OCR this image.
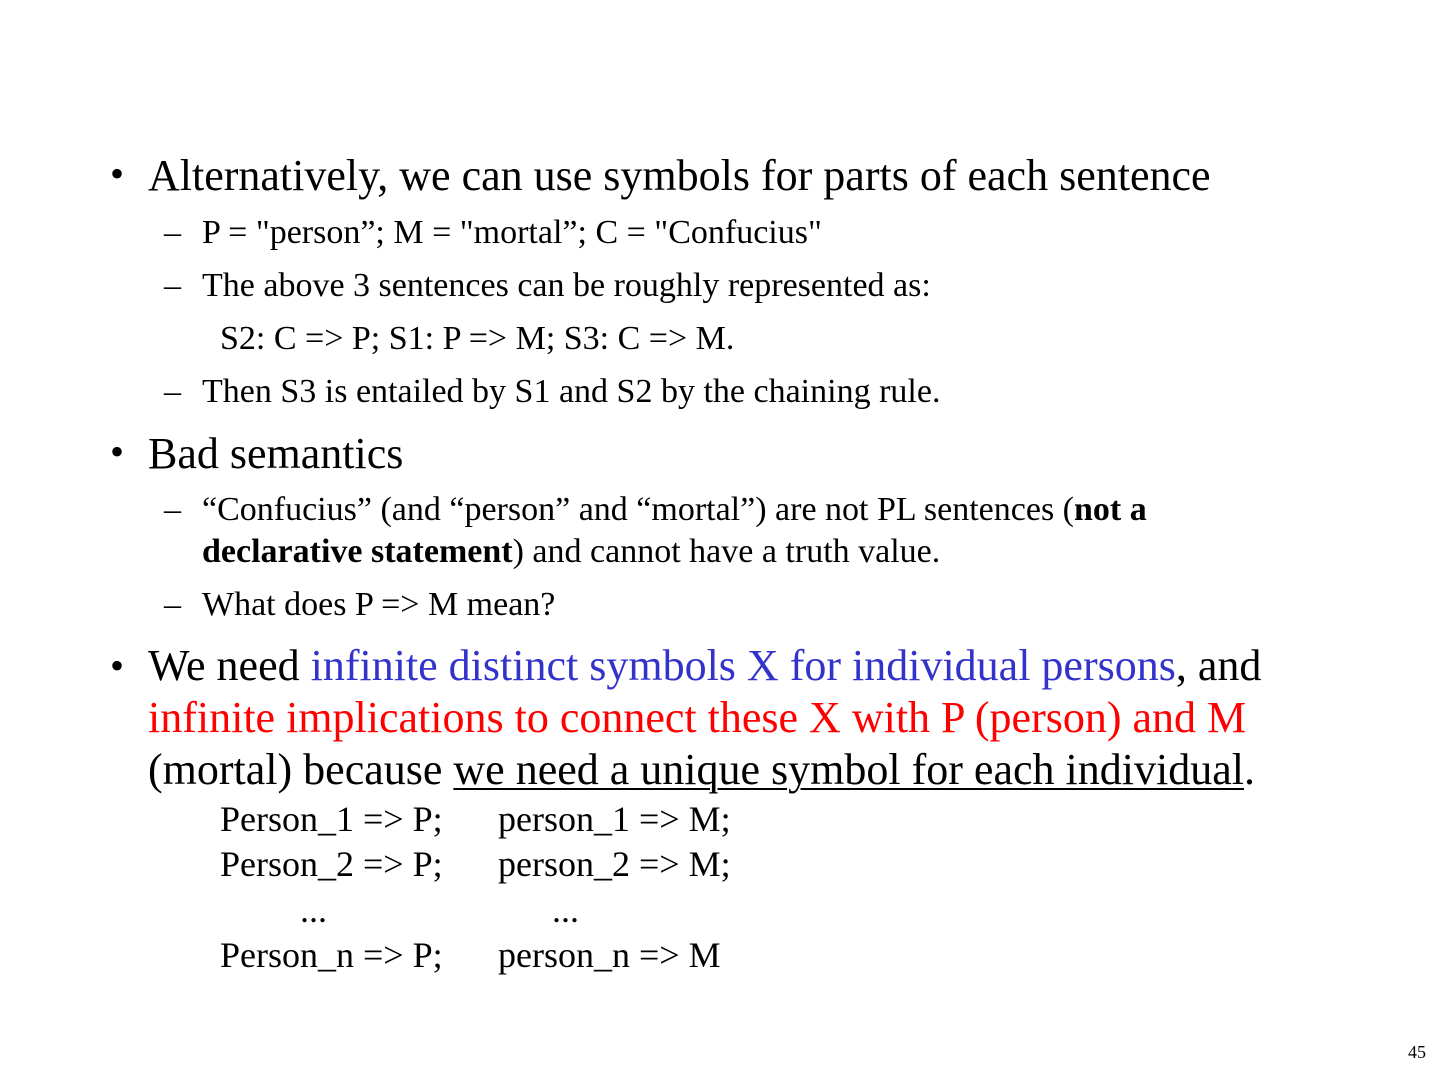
• Alternatively, we can use symbols for parts of each sentence

– P = "person”; M = "mortal”; C = "Confucius"

– The above 3 sentences can be roughly represented as:

S2: C => P; S1: P => M; S3: C => M.

– Then S3 is entailed by S1 and S2 by the chaining rule.

• Bad semantics

– “Confucius” (and “person” and “mortal”) are not PL sentences (not a

declarative statement) and cannot have a truth value.

– What does P => M mean?

• We need infinite distinct symbols X for individual persons, and

infinite implications to connect these X with P (person) and M

(mortal) because we need a unique symbol for each individual.

Person_1 => P; person_1 => M;
Person_2 => P; person_2 => M;
...	...
Person_n => P; person_n => M
45
